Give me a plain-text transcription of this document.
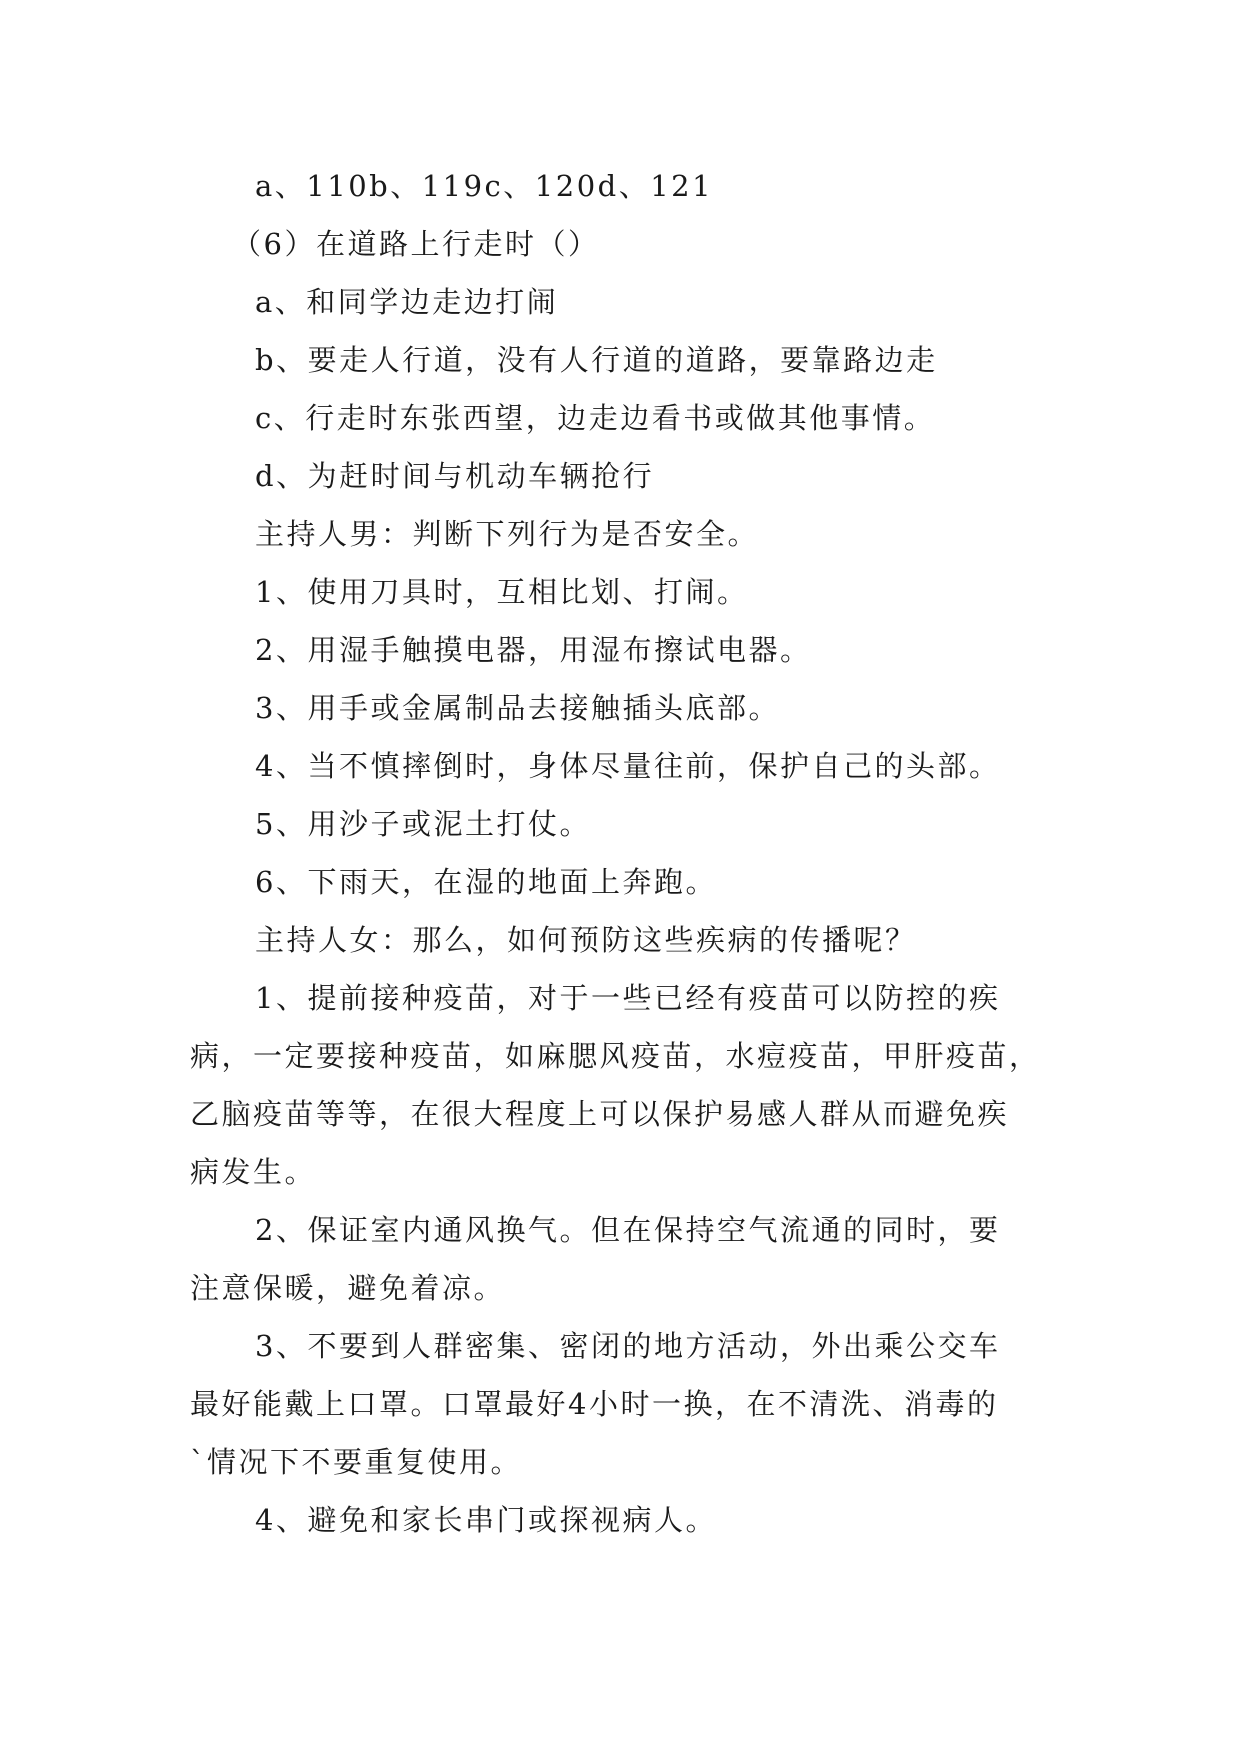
a、110b、119c、120d、121
（6）在道路上行走时（）
a、和同学边走边打闹
b、要走人行道，没有人行道的道路，要靠路边走
c、行走时东张西望，边走边看书或做其他事情。
d、为赶时间与机动车辆抢行
主持人男：判断下列行为是否安全。
1、使用刀具时，互相比划、打闹。
2、用湿手触摸电器，用湿布擦试电器。
3、用手或金属制品去接触插头底部。
4、当不慎摔倒时，身体尽量往前，保护自己的头部。
5、用沙子或泥土打仗。
6、下雨天，在湿的地面上奔跑。
主持人女：那么，如何预防这些疾病的传播呢？
1、提前接种疫苗，对于一些已经有疫苗可以防控的疾
病，一定要接种疫苗，如麻腮风疫苗，水痘疫苗，甲肝疫苗，
乙脑疫苗等等，在很大程度上可以保护易感人群从而避免疾
病发生。
2、保证室内通风换气。但在保持空气流通的同时，要
注意保暖，避免着凉。
3、不要到人群密集、密闭的地方活动，外出乘公交车
最好能戴上口罩。口罩最好4小时一换，在不清洗、消毒的
`情况下不要重复使用。
4、避免和家长串门或探视病人。
